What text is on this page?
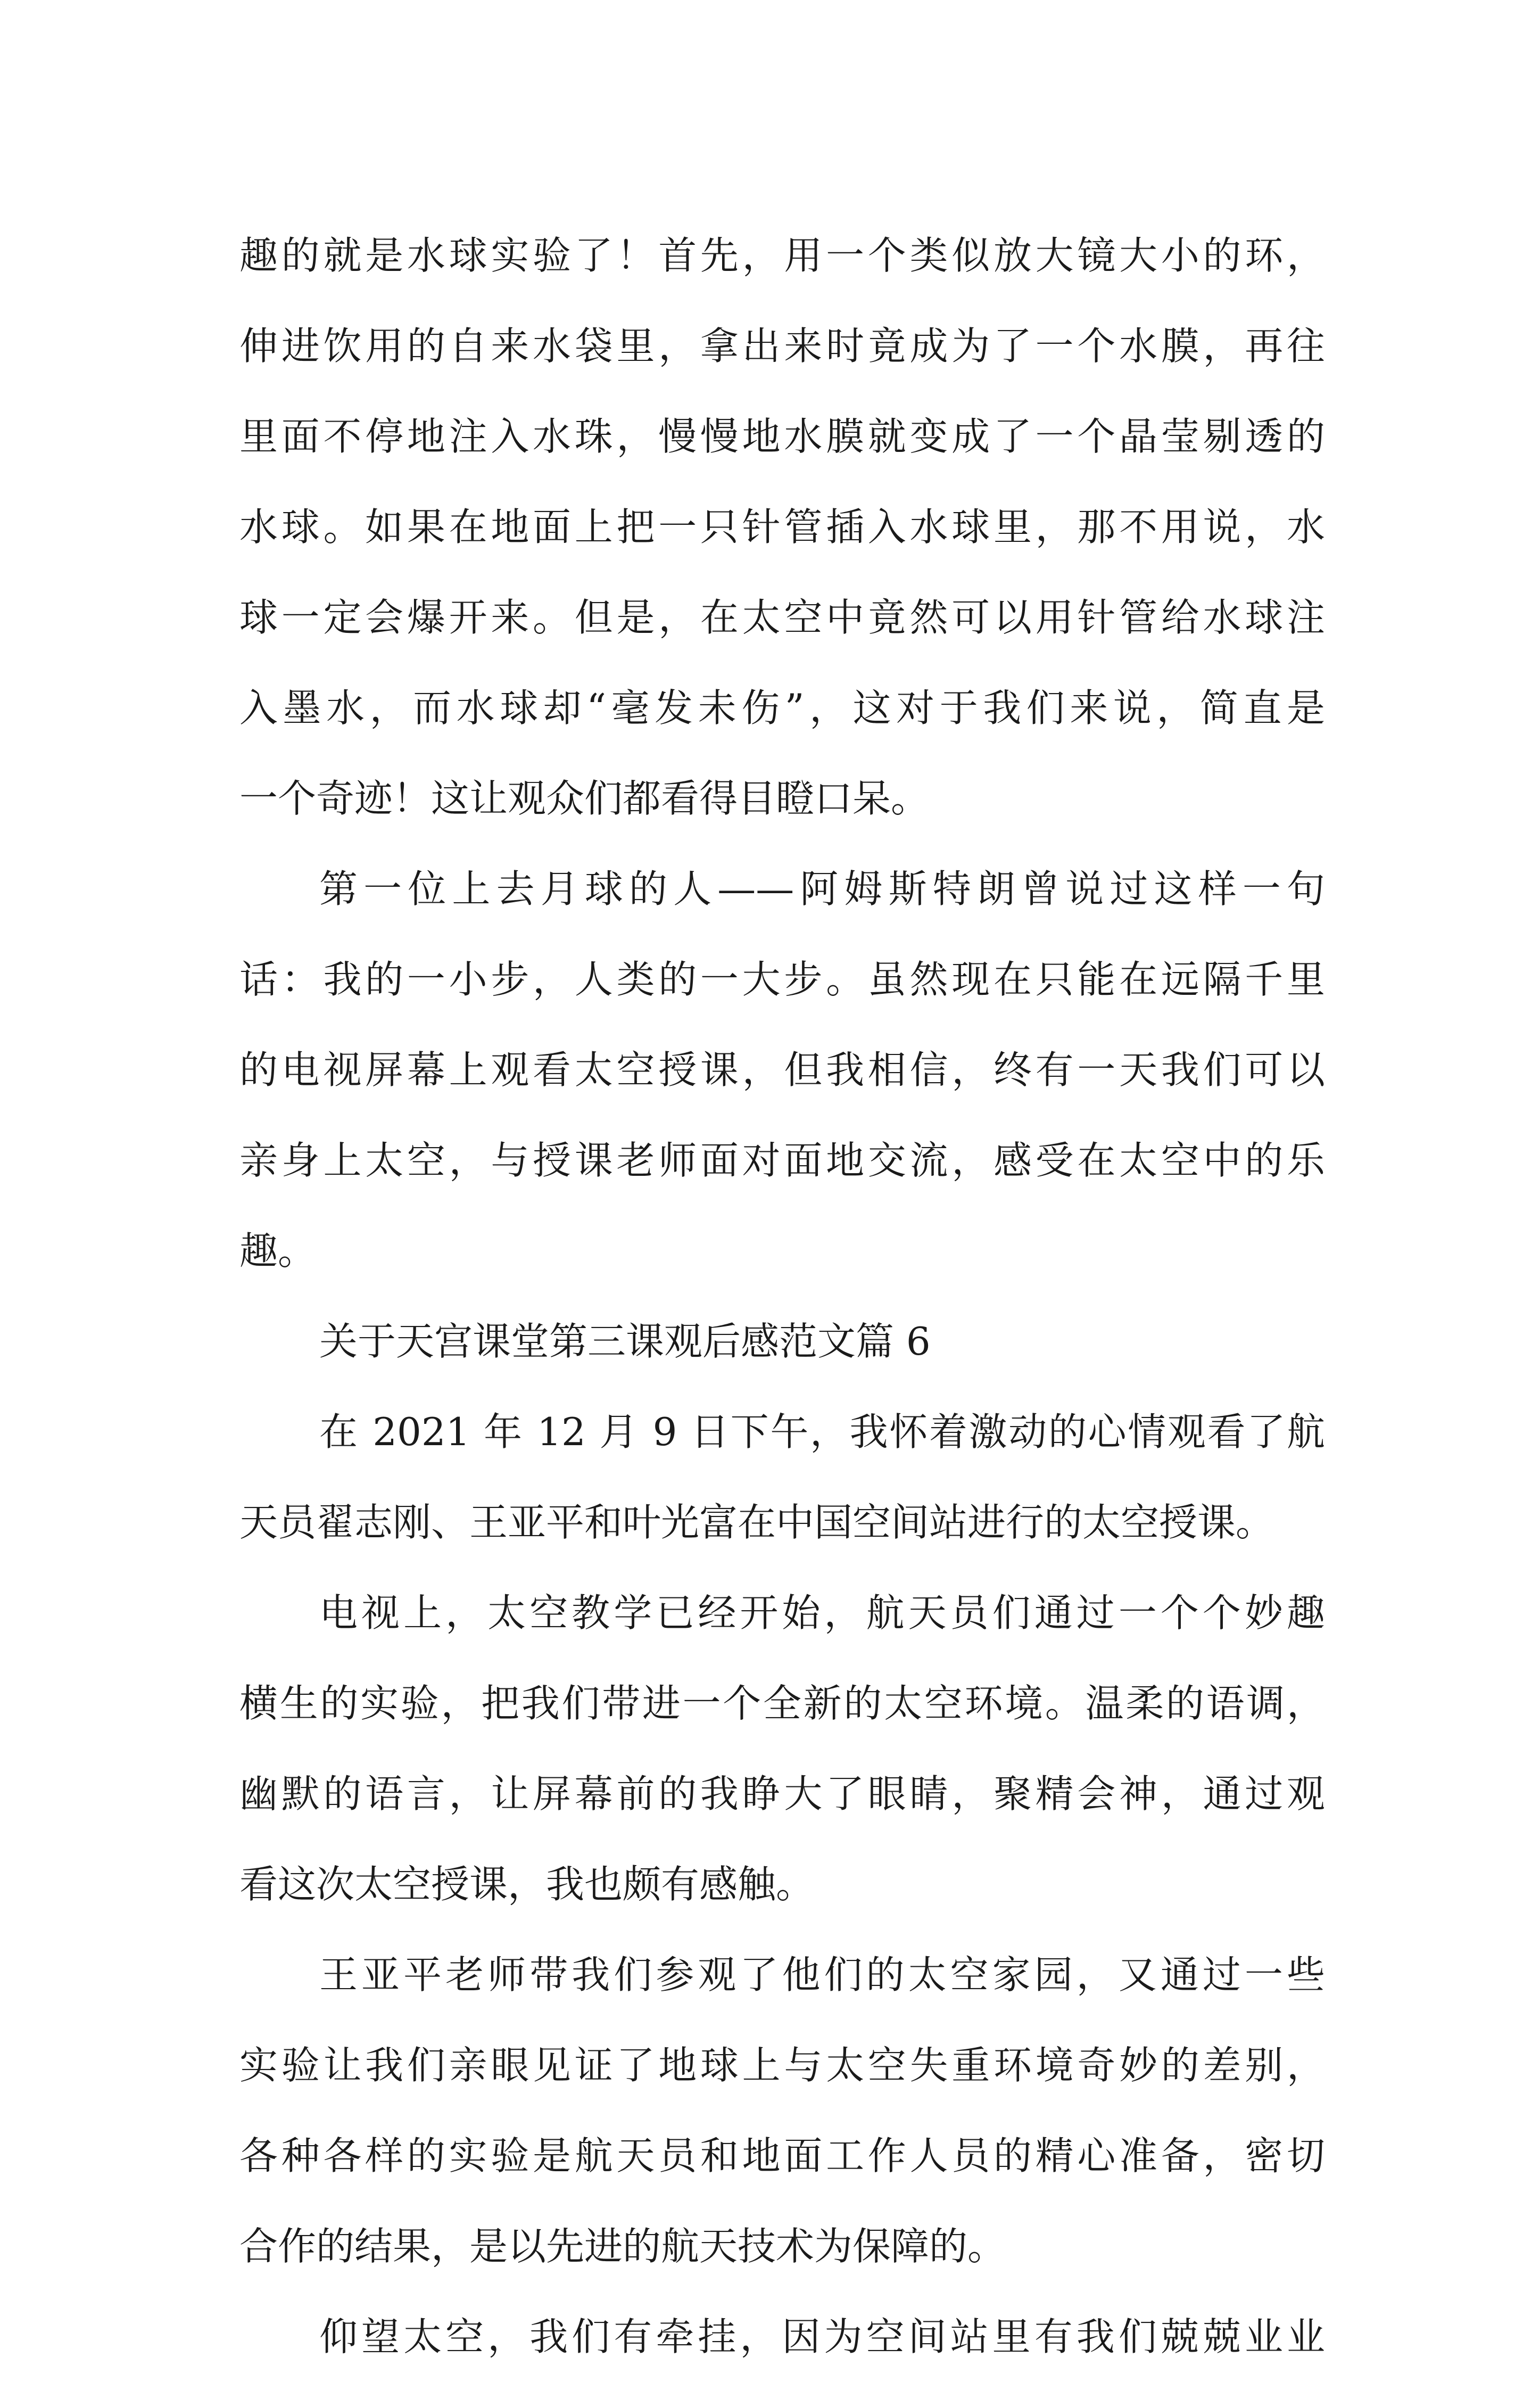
趣的就是水球实验了！首先，用一个类似放大镜大小的环，
伸进饮用的自来水袋里，拿出来时竟成为了一个水膜，再往
里面不停地注入水珠，慢慢地水膜就变成了一个晶莹剔透的
水球。如果在地面上把一只针管插入水球里，那不用说，水
球一定会爆开来。但是，在太空中竟然可以用针管给水球注
入墨水，而水球却“毫发未伤”，这对于我们来说，简直是
一个奇迹！这让观众们都看得目瞪口呆。
第一位上去月球的人——阿姆斯特朗曾说过这样一句
话：我的一小步，人类的一大步。虽然现在只能在远隔千里
的电视屏幕上观看太空授课，但我相信，终有一天我们可以
亲身上太空，与授课老师面对面地交流，感受在太空中的乐
趣。
关于天宫课堂第三课观后感范文篇 6
在 2021 年 12 月 9 日下午，我怀着激动的心情观看了航
天员翟志刚、王亚平和叶光富在中国空间站进行的太空授课。
电视上，太空教学已经开始，航天员们通过一个个妙趣
横生的实验，把我们带进一个全新的太空环境。温柔的语调，
幽默的语言，让屏幕前的我睁大了眼睛，聚精会神，通过观
看这次太空授课，我也颇有感触。
王亚平老师带我们参观了他们的太空家园，又通过一些
实验让我们亲眼见证了地球上与太空失重环境奇妙的差别，
各种各样的实验是航天员和地面工作人员的精心准备，密切
合作的结果，是以先进的航天技术为保障的。
仰望太空，我们有牵挂，因为空间站里有我们兢兢业业
